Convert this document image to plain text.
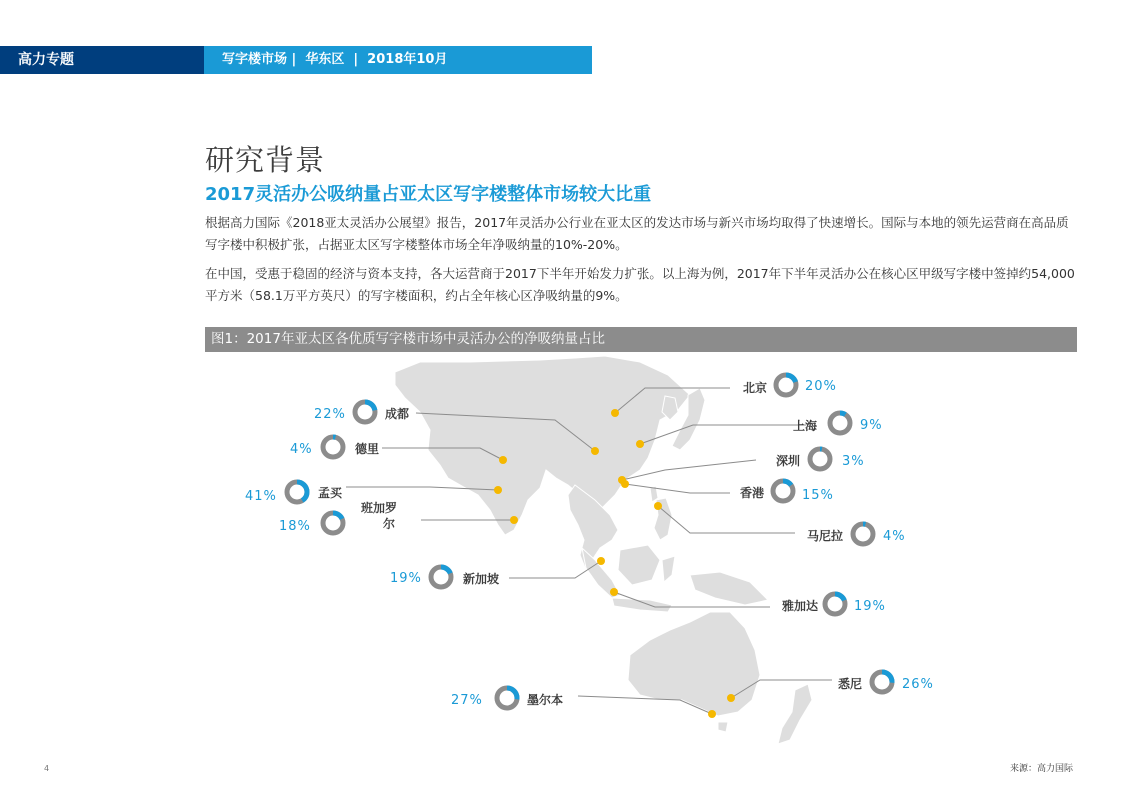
高力专题	写字楼市场 |  华东区  |  2018年10月
研究背景
2017灵活办公吸纳量占亚太区写字楼整体市场较大比重
根据高力国际《2018亚太灵活办公展望》报告，2017年灵活办公行业在亚太区的发达市场与新兴市场均取得了快速增长。国际与本地的领先运营商在高品质写字楼中积极扩张，占据亚太区写字楼整体市场全年净吸纳量的10%-20%。
在中国，受惠于稳固的经济与资本支持，各大运营商于2017下半年开始发力扩张。以上海为例，2017年下半年灵活办公在核心区甲级写字楼中签掉约54,000平方米（58.1万平方英尺）的写字楼面积，约占全年核心区净吸纳量的9%。
图1：2017年亚太区各优质写字楼市场中灵活办公的净吸纳量占比
北京	20%
上海	9%
深圳	3%
香港	15%
马尼拉	4%
雅加达	19%
悉尼	26%
27%	墨尔本
19%	新加坡
18%
班加罗
尔
41%	孟买
4%	德里
22%	成都
4	来源：高力国际
